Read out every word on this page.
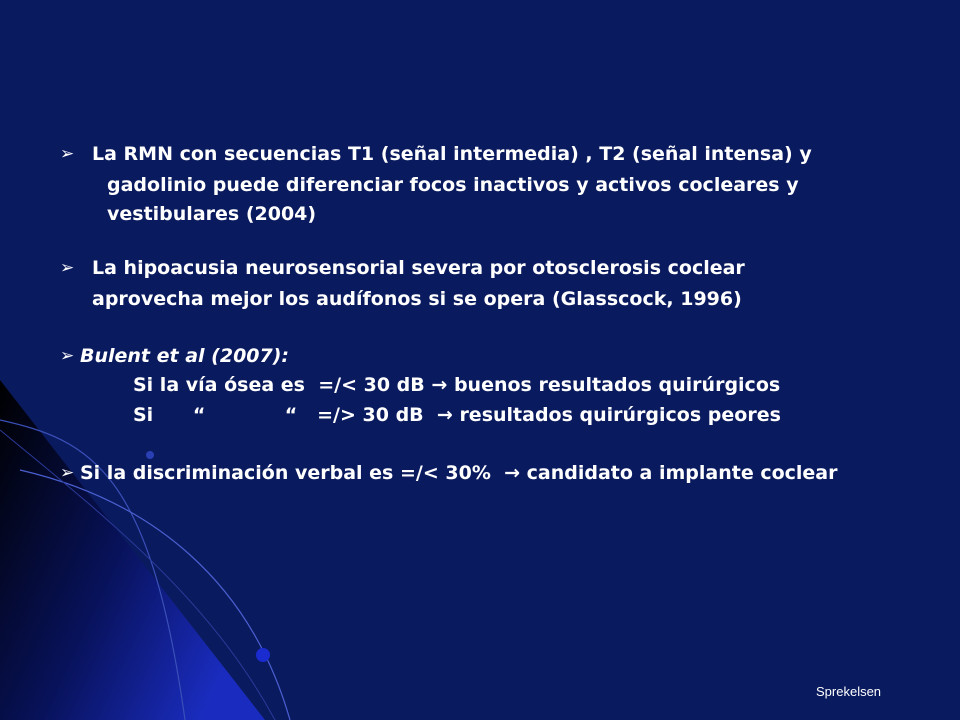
➢ La RMN con secuencias T1 (señal intermedia) , T2 (señal intensa) y
gadolinio puede diferenciar focos inactivos y activos cocleares y
vestibulares (2004)
➢ La hipoacusia neurosensorial severa por otosclerosis coclear
aprovecha mejor los audífonos si se opera (Glasscock, 1996)
➢ Bulent et al (2007):
Si la vía ósea es =/< 30 dB → buenos resultados quirúrgicos
Si      “            “ =/> 30 dB → resultados quirúrgicos peores
➢ Si la discriminación verbal es =/< 30% → candidato a implante coclear
Sprekelsen
